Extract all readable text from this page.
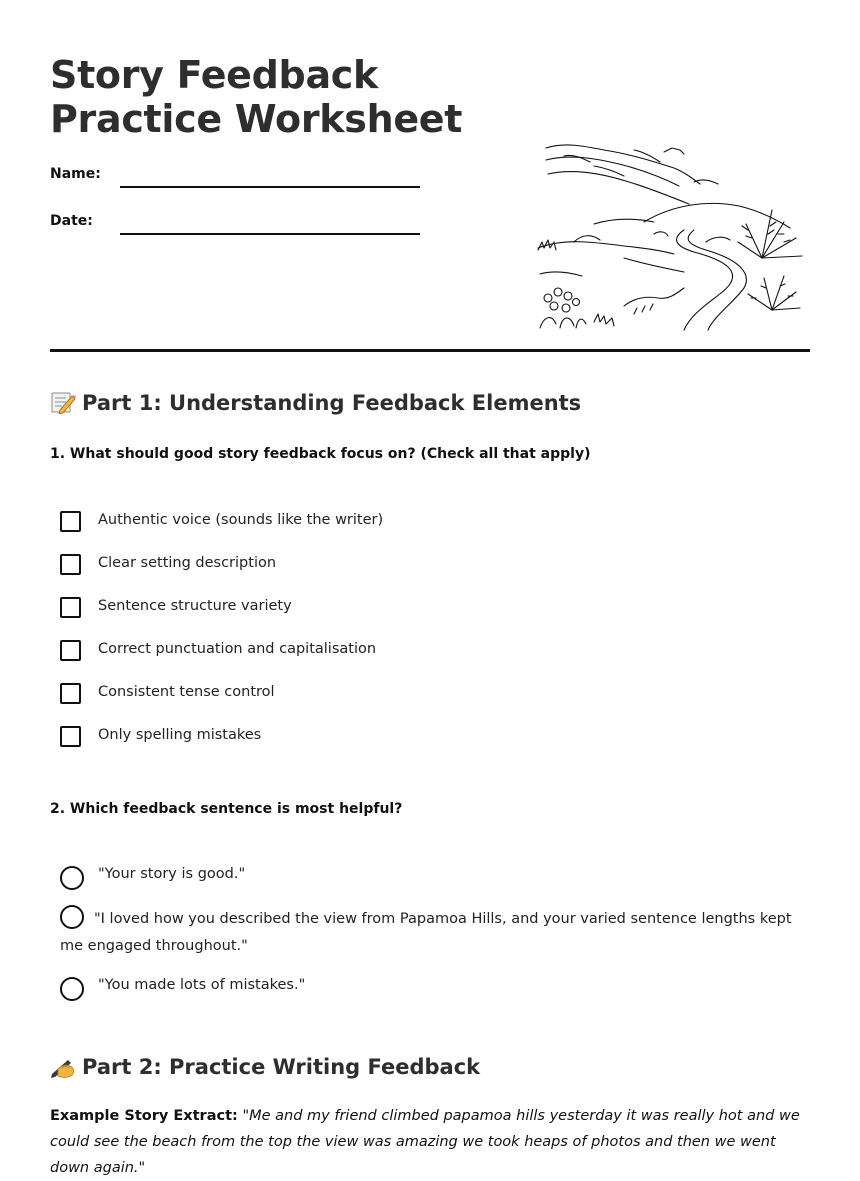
Story Feedback Practice Worksheet
Name:
Date:
Part 1: Understanding Feedback Elements
1. What should good story feedback focus on? (Check all that apply)
Authentic voice (sounds like the writer)
Clear setting description
Sentence structure variety
Correct punctuation and capitalisation
Consistent tense control
Only spelling mistakes
2. Which feedback sentence is most helpful?
"Your story is good."
"I loved how you described the view from Papamoa Hills, and your varied sentence lengths kept me engaged throughout."
"You made lots of mistakes."
Part 2: Practice Writing Feedback
Example Story Extract: "Me and my friend climbed papamoa hills yesterday it was really hot and we could see the beach from the top the view was amazing we took heaps of photos and then we went down again."
